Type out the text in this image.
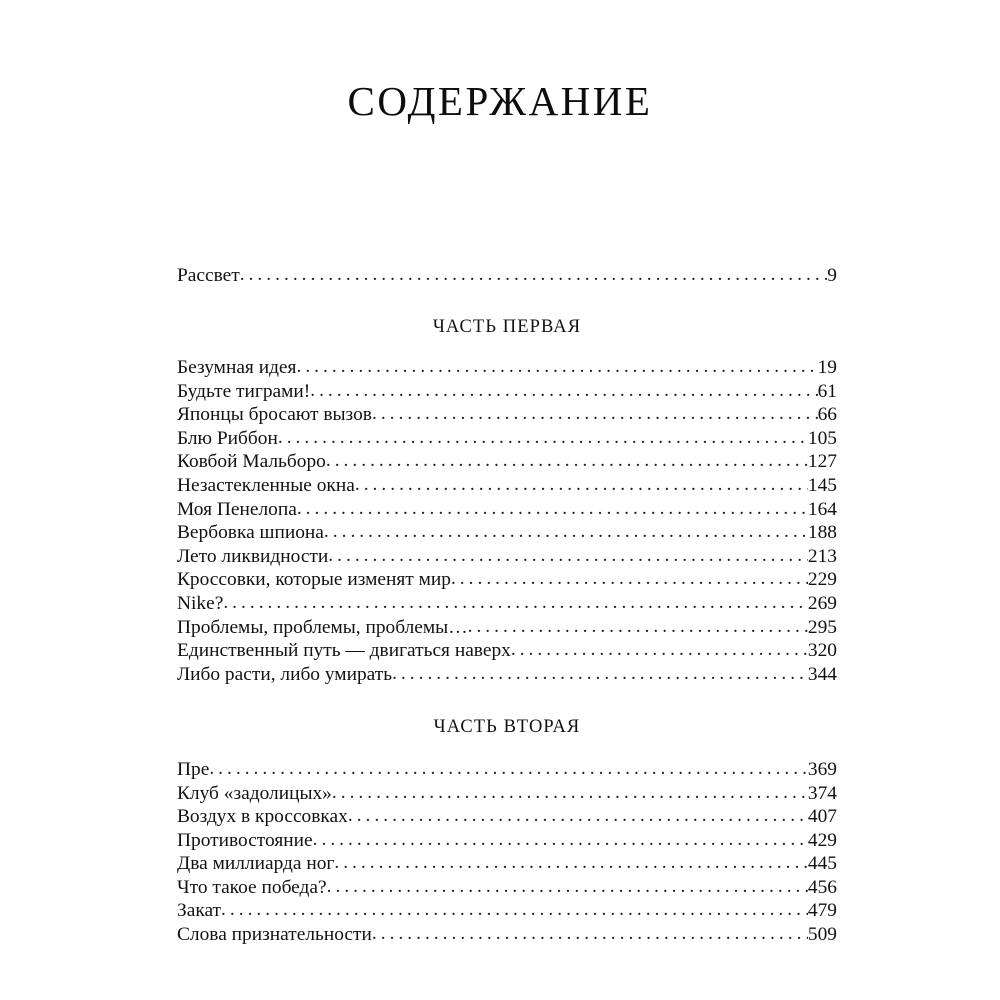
СОДЕРЖАНИЕ
Рассвет .....	9
ЧАСТЬ ПЕРВАЯ
Безумная идея .....	19
Будьте тиграми! .....	61
Японцы бросают вызов .....	66
Блю Риббон .....	105
Ковбой Мальборо .....	127
Незастекленные окна .....	145
Моя Пенелопа .....	164
Вербовка шпиона .....	188
Лето ликвидности .....	213
Кроссовки, которые изменят мир .....	229
Nike? .....	269
Проблемы, проблемы, проблемы… .....	295
Единственный путь — двигаться наверх .....	320
Либо расти, либо умирать .....	344
ЧАСТЬ ВТОРАЯ
Пре .....	369
Клуб «задолицых» .....	374
Воздух в кроссовках .....	407
Противостояние .....	429
Два миллиарда ног .....	445
Что такое победа? .....	456
Закат .....	479
Слова признательности .....	509
